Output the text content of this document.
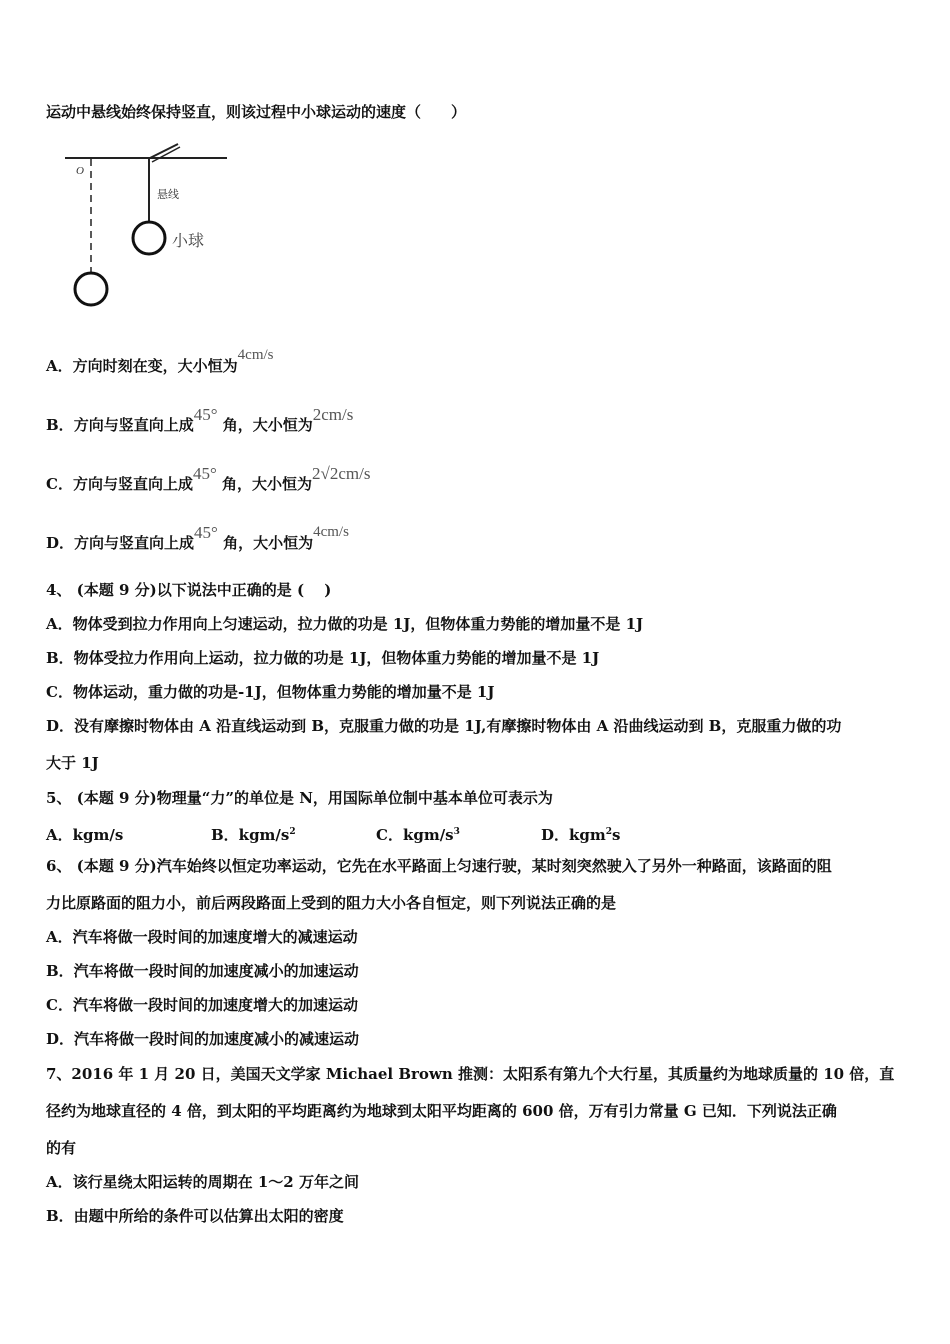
运动中悬线始终保持竖直，则该过程中小球运动的速度（　　）
O
悬线
小球
A．方向时刻在变，大小恒为4cm/s
B．方向与竖直向上成45° 角，大小恒为2cm/s
C．方向与竖直向上成45° 角，大小恒为2√2cm/s
D．方向与竖直向上成45° 角，大小恒为4cm/s
4、 (本题 9 分)以下说法中正确的是 (　 )
A．物体受到拉力作用向上匀速运动，拉力做的功是 1J，但物体重力势能的增加量不是 1J
B．物体受拉力作用向上运动，拉力做的功是 1J，但物体重力势能的增加量不是 1J
C．物体运动，重力做的功是-1J，但物体重力势能的增加量不是 1J
D．没有摩擦时物体由 A 沿直线运动到 B，克服重力做的功是 1J,有摩擦时物体由 A 沿曲线运动到 B，克服重力做的功
大于 1J
5、 (本题 9 分)物理量“力”的单位是 N，用国际单位制中基本单位可表示为
A．kgm/s	B．kgm/$s^2$	C．kgm/$s^3$	D．kgm$^2$s
6、 (本题 9 分)汽车始终以恒定功率运动，它先在水平路面上匀速行驶，某时刻突然驶入了另外一种路面，该路面的阻
力比原路面的阻力小，前后两段路面上受到的阻力大小各自恒定，则下列说法正确的是
A．汽车将做一段时间的加速度增大的减速运动
B．汽车将做一段时间的加速度减小的加速运动
C．汽车将做一段时间的加速度增大的加速运动
D．汽车将做一段时间的加速度减小的减速运动
7、2016 年 1 月 20 日，美国天文学家 Michael Brown 推测：太阳系有第九个大行星，其质量约为地球质量的 10 倍，直
径约为地球直径的 4 倍，到太阳的平均距离约为地球到太阳平均距离的 600 倍，万有引力常量 G 已知．下列说法正确
的有
A．该行星绕太阳运转的周期在 1～2 万年之间
B．由题中所给的条件可以估算出太阳的密度
